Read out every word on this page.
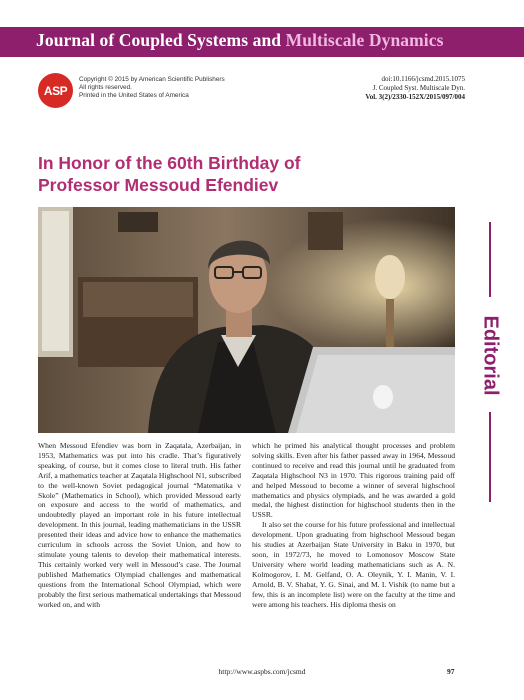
Journal of Coupled Systems and Multiscale Dynamics
ASP
Copyright © 2015 by American Scientific Publishers
All rights reserved.
Printed in the United States of America
doi:10.1166/jcsmd.2015.1075
J. Coupled Syst. Multiscale Dyn.
Vol. 3(2)/2330-152X/2015/097/004
In Honor of the 60th Birthday of
Professor Messoud Efendiev
Editorial

When Messoud Efendiev was born in Zaqatala, Azerbaijan, in 1953, Mathematics was put into his cradle. That’s figuratively speaking, of course, but it comes close to literal truth. His father Arif, a mathematics teacher at Zaqatala Highschool N1, subscribed to the well-known Soviet pedagogical journal “Matematika v Skole” (Mathematics in School), which provided Messoud early on exposure and access to the world of mathematics, and undoubtedly played an important role in his future intellectual development. In this journal, leading mathematicians in the USSR presented their ideas and advice how to enhance the mathematics curriculum in schools across the Soviet Union, and how to stimulate young talents to develop their mathematical interests. This certainly worked very well in Messoud’s case. The Journal published Mathematics Olympiad challenges and mathematical questions from the International School Olympiad, which were probably the first serious mathematical undertakings that Messoud worked on, and with

which he primed his analytical thought processes and problem solving skills. Even after his father passed away in 1964, Messoud continued to receive and read this journal until he graduated from Zaqatala Highschool N3 in 1970. This rigorous training paid off and helped Messoud to become a winner of several highschool mathematics and physics olympiads, and he was awarded a gold medal, the highest distinction for highschool students then in the USSR.

It also set the course for his future professional and intellectual development. Upon graduating from highschool Messoud began his studies at Azerbaijan State University in Baku in 1970, but soon, in 1972/73, he moved to Lomonosov Moscow State University where world leading mathematicians such as A. N. Kolmogorov, I. M. Gelfand, O. A. Oleynik, Y. I. Manin, V. I. Arnold, B. V. Shabat, Y. G. Sinai, and M. I. Vishik (to name but a few, this is an incomplete list) were on the faculty at the time and were among his teachers. His diploma thesis on

http://www.aspbs.com/jcsmd	97
